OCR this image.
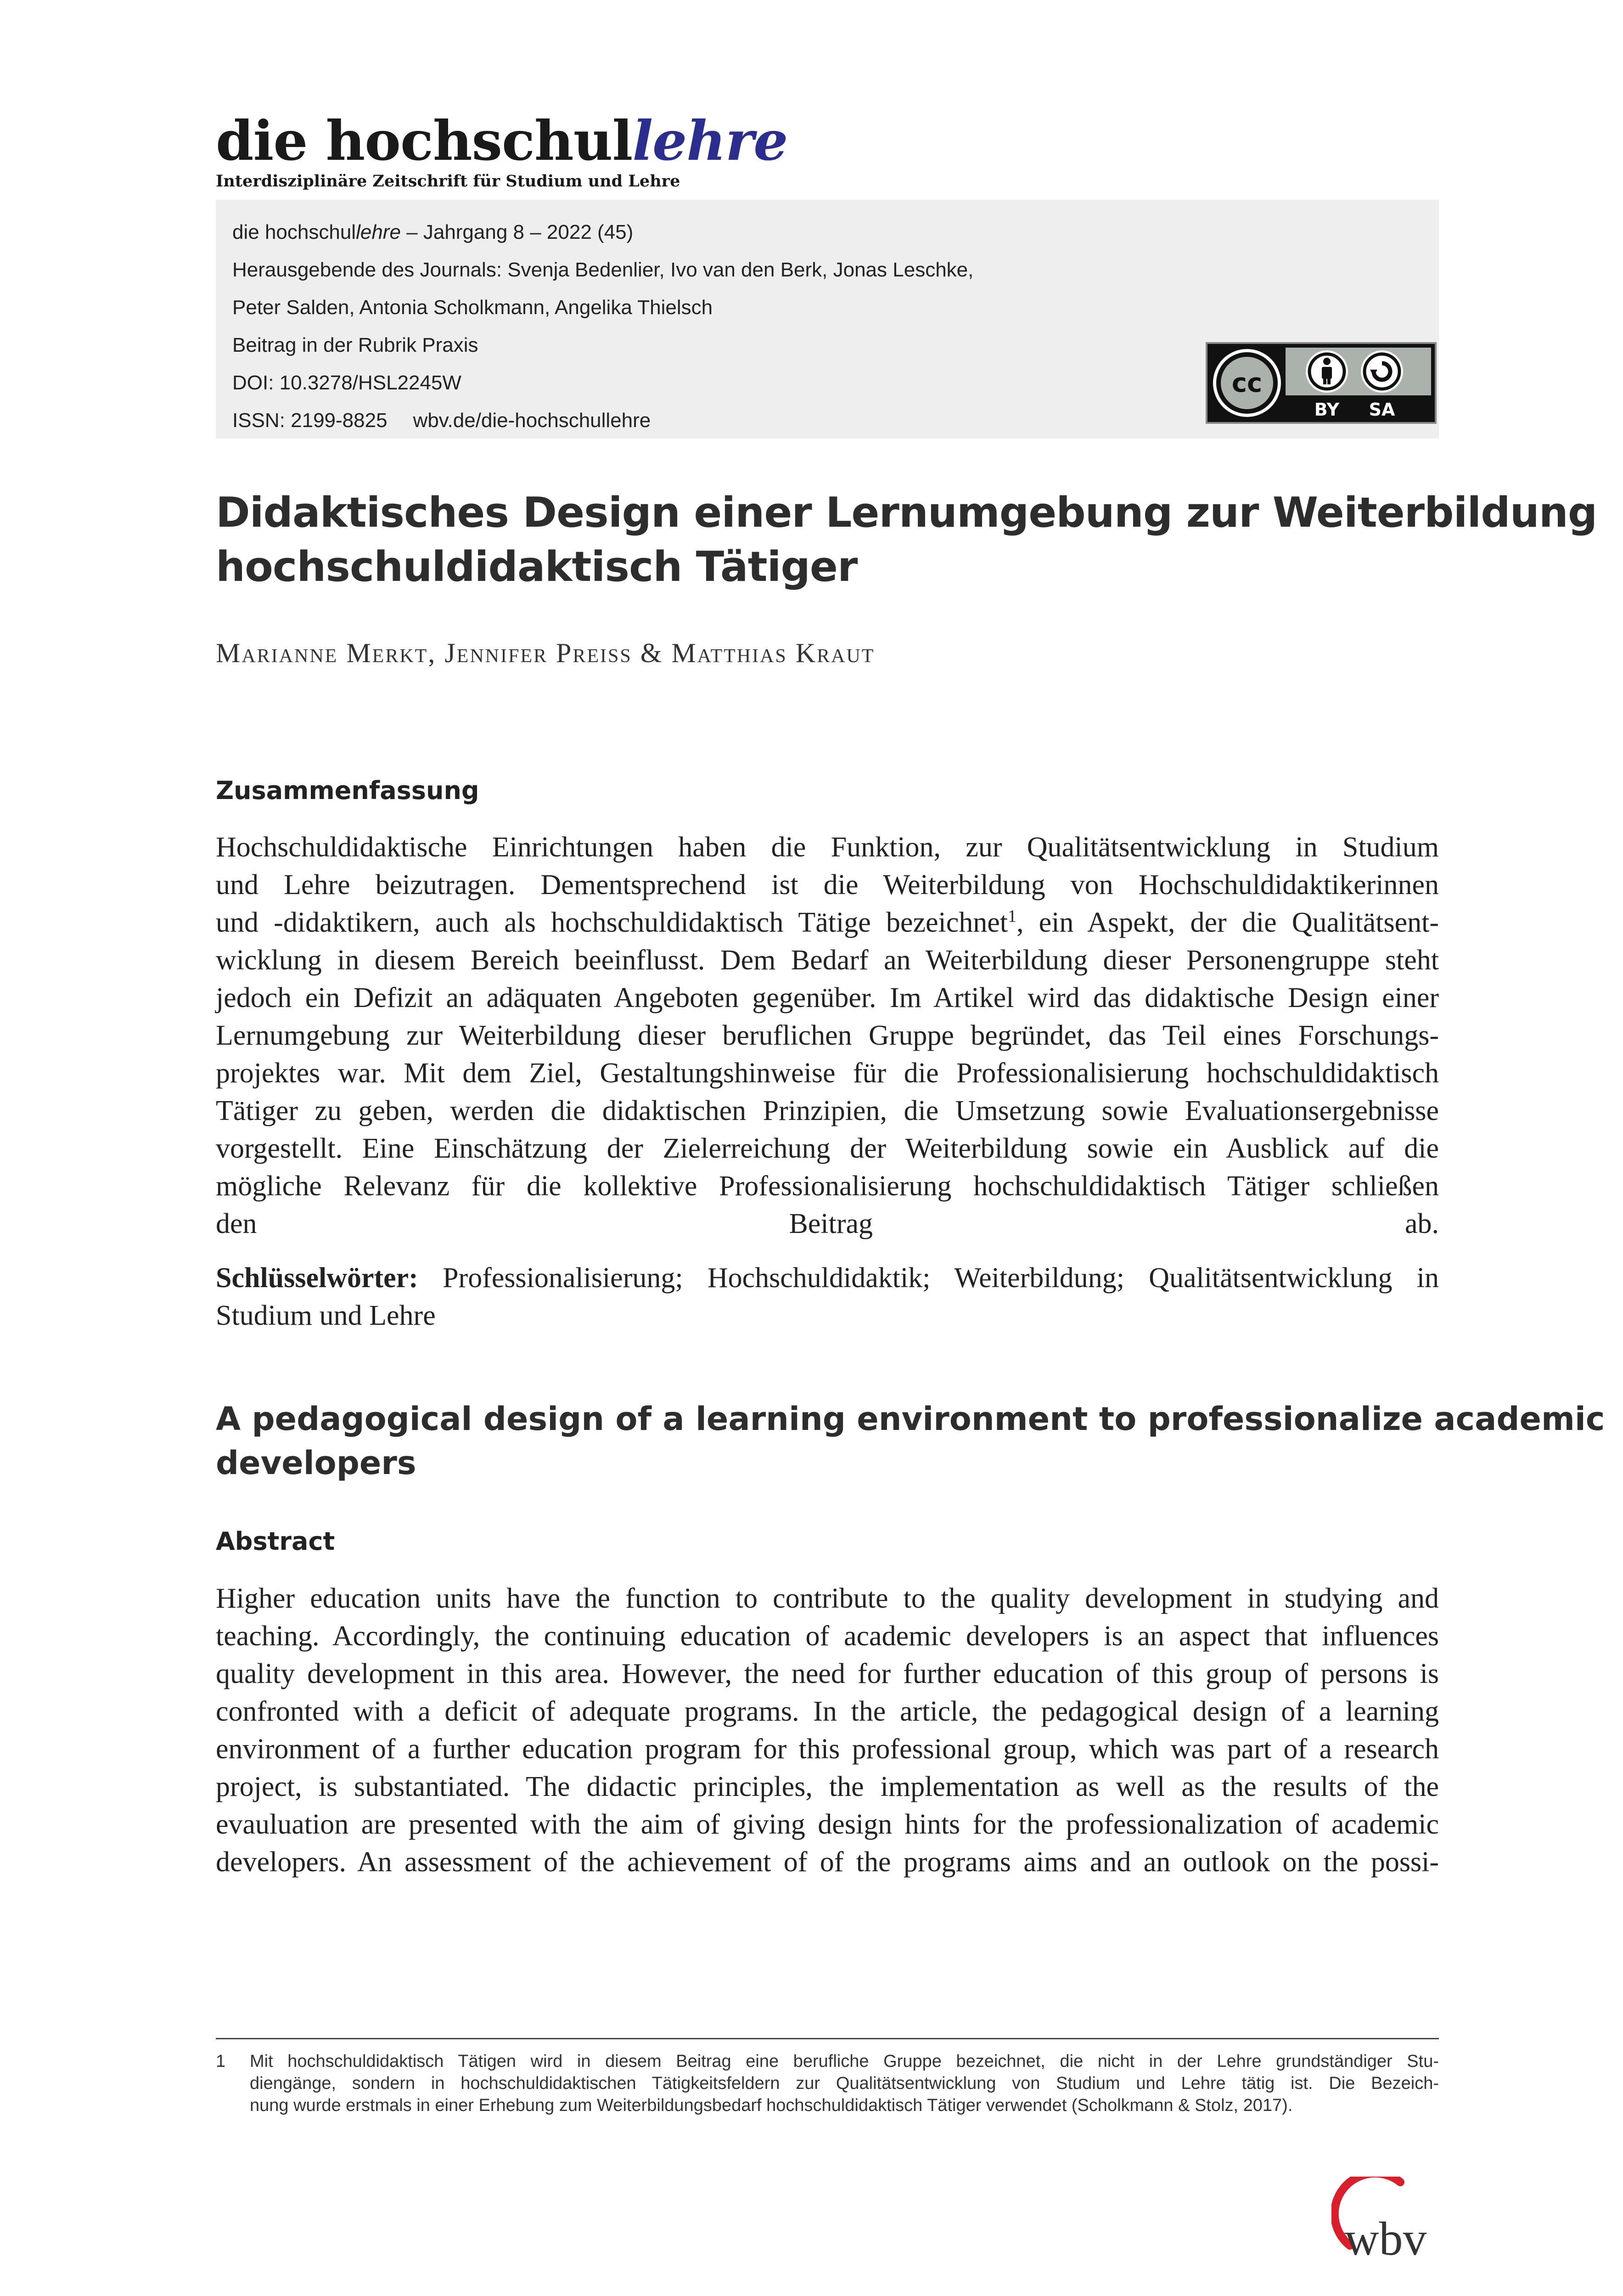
die hochschullehre
Interdisziplinäre Zeitschrift für Studium und Lehre
die hochschullehre – Jahrgang 8 – 2022 (45)
Herausgebende des Journals: Svenja Bedenlier, Ivo van den Berk, Jonas Leschke,
Peter Salden, Antonia Scholkmann, Angelika Thielsch
Beitrag in der Rubrik Praxis
DOI: 10.3278/HSL2245W
ISSN: 2199-8825 wbv.de/die-hochschullehre
cc
BY SA
Didaktisches Design einer Lernumgebung zur Weiterbildung
hochschuldidaktisch Tätiger
Marianne Merkt, Jennifer Preiss & Matthias Kraut
Zusammenfassung
Hochschuldidaktische Einrichtungen haben die Funktion, zur Qualitätsentwicklung in Studium
und Lehre beizutragen. Dementsprechend ist die Weiterbildung von Hochschuldidaktikerinnen
und -didaktikern, auch als hochschuldidaktisch Tätige bezeichnet$^1$, ein Aspekt, der die Qualitätsent-
wicklung in diesem Bereich beeinflusst. Dem Bedarf an Weiterbildung dieser Personengruppe steht
jedoch ein Defizit an adäquaten Angeboten gegenüber. Im Artikel wird das didaktische Design einer
Lernumgebung zur Weiterbildung dieser beruflichen Gruppe begründet, das Teil eines Forschungs-
projektes war. Mit dem Ziel, Gestaltungshinweise für die Professionalisierung hochschuldidaktisch
Tätiger zu geben, werden die didaktischen Prinzipien, die Umsetzung sowie Evaluationsergebnisse
vorgestellt. Eine Einschätzung der Zielerreichung der Weiterbildung sowie ein Ausblick auf die
mögliche Relevanz für die kollektive Professionalisierung hochschuldidaktisch Tätiger schließen
den Beitrag ab.
Schlüsselwörter: Professionalisierung; Hochschuldidaktik; Weiterbildung; Qualitätsentwicklung in
Studium und Lehre
A pedagogical design of a learning environment to professionalize academic
developers
Abstract
Higher education units have the function to contribute to the quality development in studying and
teaching. Accordingly, the continuing education of academic developers is an aspect that influences
quality development in this area. However, the need for further education of this group of persons is
confronted with a deficit of adequate programs. In the article, the pedagogical design of a learning
environment of a further education program for this professional group, which was part of a research
project, is substantiated. The didactic principles, the implementation as well as the results of the
evauluation are presented with the aim of giving design hints for the professionalization of academic
developers. An assessment of the achievement of of the programs aims and an outlook on the possi-
1 Mit hochschuldidaktisch Tätigen wird in diesem Beitrag eine berufliche Gruppe bezeichnet, die nicht in der Lehre grundständiger Stu-
diengänge, sondern in hochschuldidaktischen Tätigkeitsfeldern zur Qualitätsentwicklung von Studium und Lehre tätig ist. Die Bezeich-
nung wurde erstmals in einer Erhebung zum Weiterbildungsbedarf hochschuldidaktisch Tätiger verwendet (Scholkmann & Stolz, 2017).
wbv
